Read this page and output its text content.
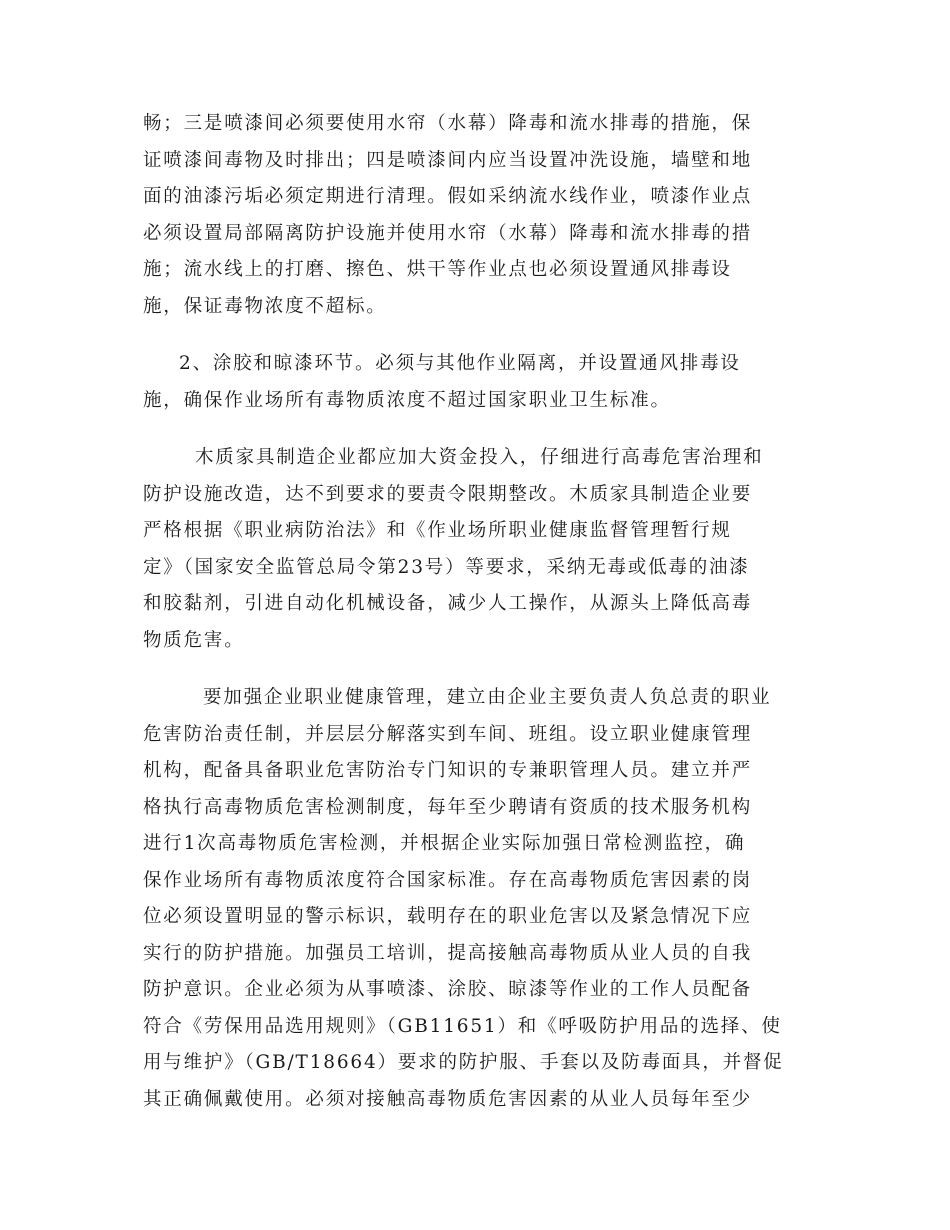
畅；三是喷漆间必须要使用水帘（水幕）降毒和流水排毒的措施，保
证喷漆间毒物及时排出；四是喷漆间内应当设置冲洗设施，墙壁和地
面的油漆污垢必须定期进行清理。假如采纳流水线作业，喷漆作业点
必须设置局部隔离防护设施并使用水帘（水幕）降毒和流水排毒的措
施；流水线上的打磨、擦色、烘干等作业点也必须设置通风排毒设
施，保证毒物浓度不超标。
2、涂胶和晾漆环节。必须与其他作业隔离，并设置通风排毒设
施，确保作业场所有毒物质浓度不超过国家职业卫生标准。
木质家具制造企业都应加大资金投入，仔细进行高毒危害治理和
防护设施改造，达不到要求的要责令限期整改。木质家具制造企业要
严格根据《职业病防治法》和《作业场所职业健康监督管理暂行规
定》（国家安全监管总局令第23号）等要求，采纳无毒或低毒的油漆
和胶黏剂，引进自动化机械设备，减少人工操作，从源头上降低高毒
物质危害。
要加强企业职业健康管理，建立由企业主要负责人负总责的职业
危害防治责任制，并层层分解落实到车间、班组。设立职业健康管理
机构，配备具备职业危害防治专门知识的专兼职管理人员。建立并严
格执行高毒物质危害检测制度，每年至少聘请有资质的技术服务机构
进行1次高毒物质危害检测，并根据企业实际加强日常检测监控，确
保作业场所有毒物质浓度符合国家标准。存在高毒物质危害因素的岗
位必须设置明显的警示标识，载明存在的职业危害以及紧急情况下应
实行的防护措施。加强员工培训，提高接触高毒物质从业人员的自我
防护意识。企业必须为从事喷漆、涂胶、晾漆等作业的工作人员配备
符合《劳保用品选用规则》（GB11651）和《呼吸防护用品的选择、使
用与维护》（GB/T18664）要求的防护服、手套以及防毒面具，并督促
其正确佩戴使用。必须对接触高毒物质危害因素的从业人员每年至少
